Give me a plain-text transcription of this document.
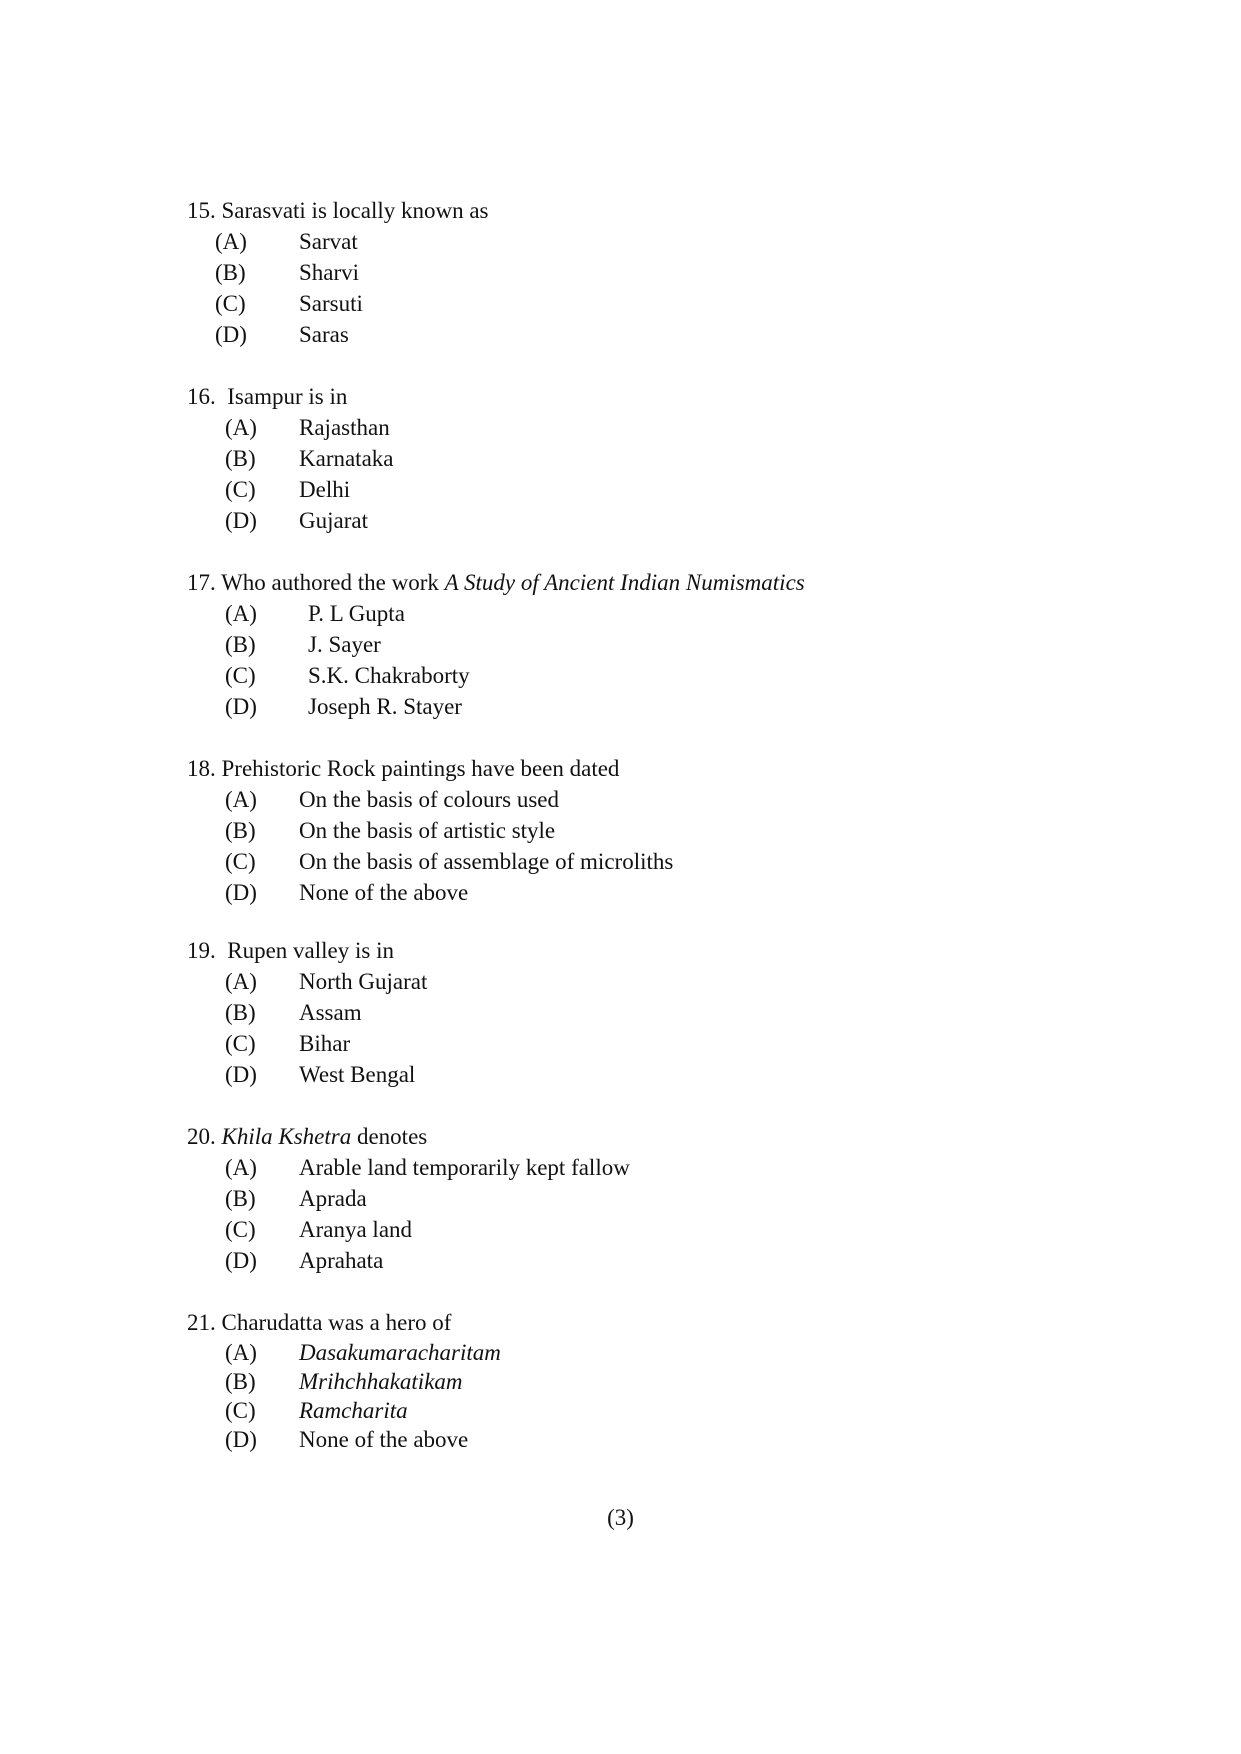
15. Sarasvati is locally known as
(A) Sarvat
(B) Sharvi
(C) Sarsuti
(D) Saras
16. Isampur is in
(A) Rajasthan
(B) Karnataka
(C) Delhi
(D) Gujarat
17. Who authored the work A Study of Ancient Indian Numismatics
(A) P. L Gupta
(B) J. Sayer
(C) S.K. Chakraborty
(D) Joseph R. Stayer
18. Prehistoric Rock paintings have been dated
(A) On the basis of colours used
(B) On the basis of artistic style
(C) On the basis of assemblage of microliths
(D) None of the above
19. Rupen valley is in
(A) North Gujarat
(B) Assam
(C) Bihar
(D) West Bengal
20. Khila Kshetra denotes
(A) Arable land temporarily kept fallow
(B) Aprada
(C) Aranya land
(D) Aprahata
21. Charudatta was a hero of
(A) Dasakumaracharitam
(B) Mrihchhakatikam
(C) Ramcharita
(D) None of the above
(3)
